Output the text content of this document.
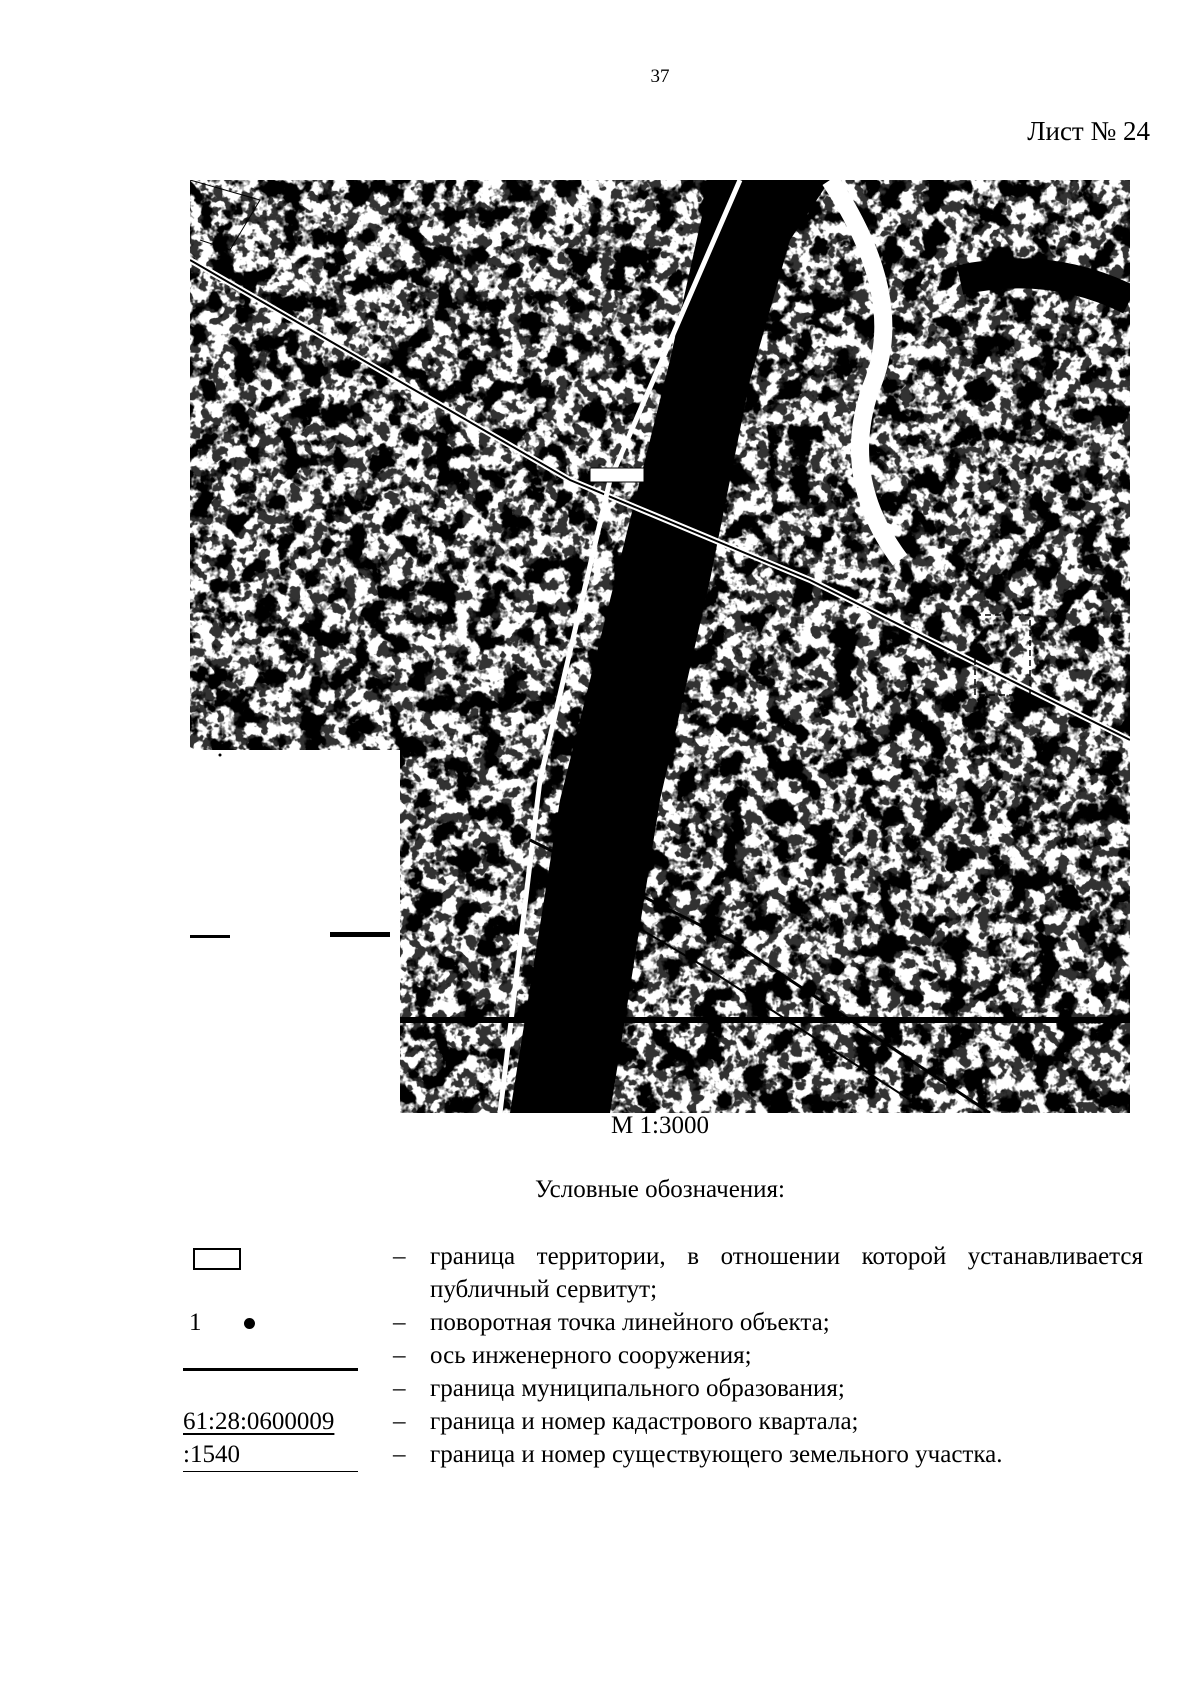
37
Лист № 24
М 1:3000
Условные обозначения:
– граница территории, в отношении которой устанавливается публичный сервитут;
1	– поворотная точка линейного объекта;
– ось инженерного сооружения;
– граница муниципального образования;
61:28:0600009	– граница и номер кадастрового квартала;
:1540	– граница и номер существующего земельного участка.
